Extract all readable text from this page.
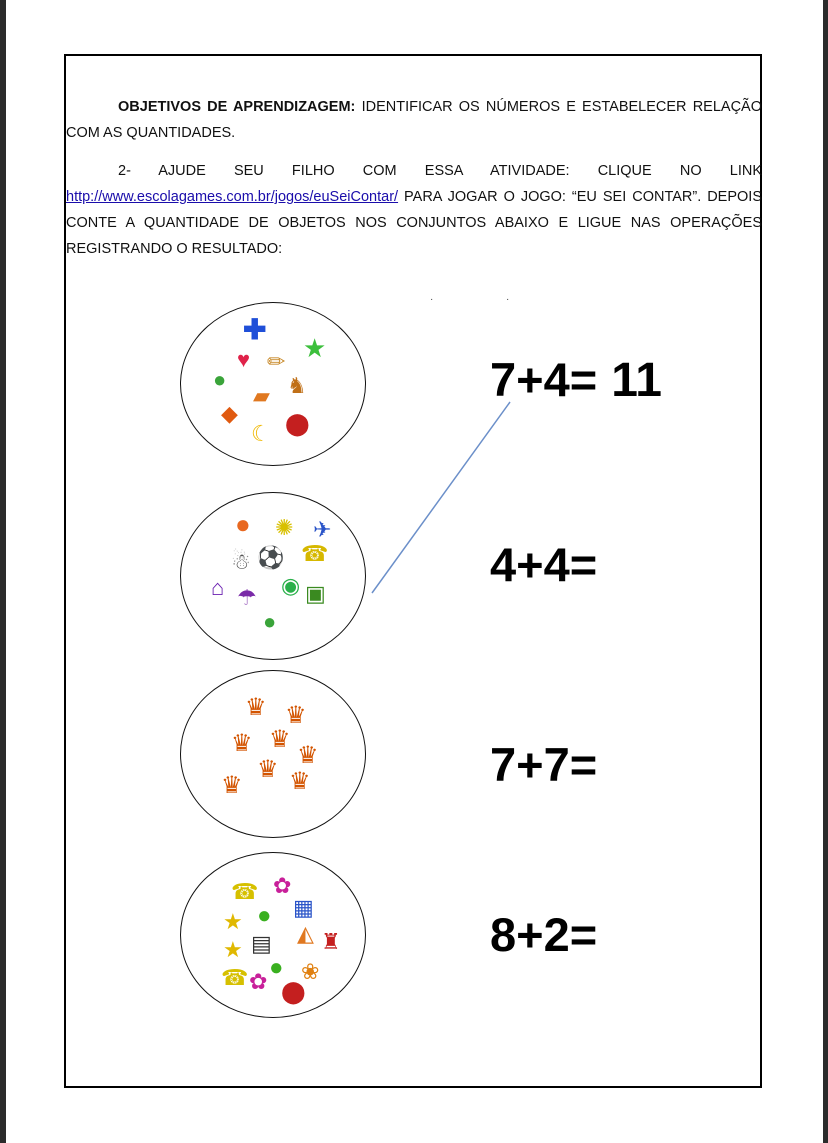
OBJETIVOS DE APRENDIZAGEM: IDENTIFICAR OS NÚMEROS E ESTABELECER RELAÇÃO COM AS QUANTIDADES.
2- AJUDE SEU FILHO COM ESSA ATIVIDADE: CLIQUE NO LINK http://www.escolagames.com.br/jogos/euSeiContar/ PARA JOGAR O JOGO: “EU SEI CONTAR”. DEPOIS CONTE A QUANTIDADE DE OBJETOS NOS CONJUNTOS ABAIXO E LIGUE NAS OPERAÇÕES REGISTRANDO O RESULTADO:
·	·
✚
♥ ✏ ★
●
▰ ♞
◆
☾ ⬤
● ✺ ✈
☃ ⚽ ☎
⌂ ☂ ◉ ▣
●
♛ ♛
♛ ♛
♛
♛
♛ ♛
☎ ✿
★ ● ▦
◭
★ ▤ ♜
☎ ✿
● ❀
⬤
7+4= 11
4+4=
7+7=
8+2=
